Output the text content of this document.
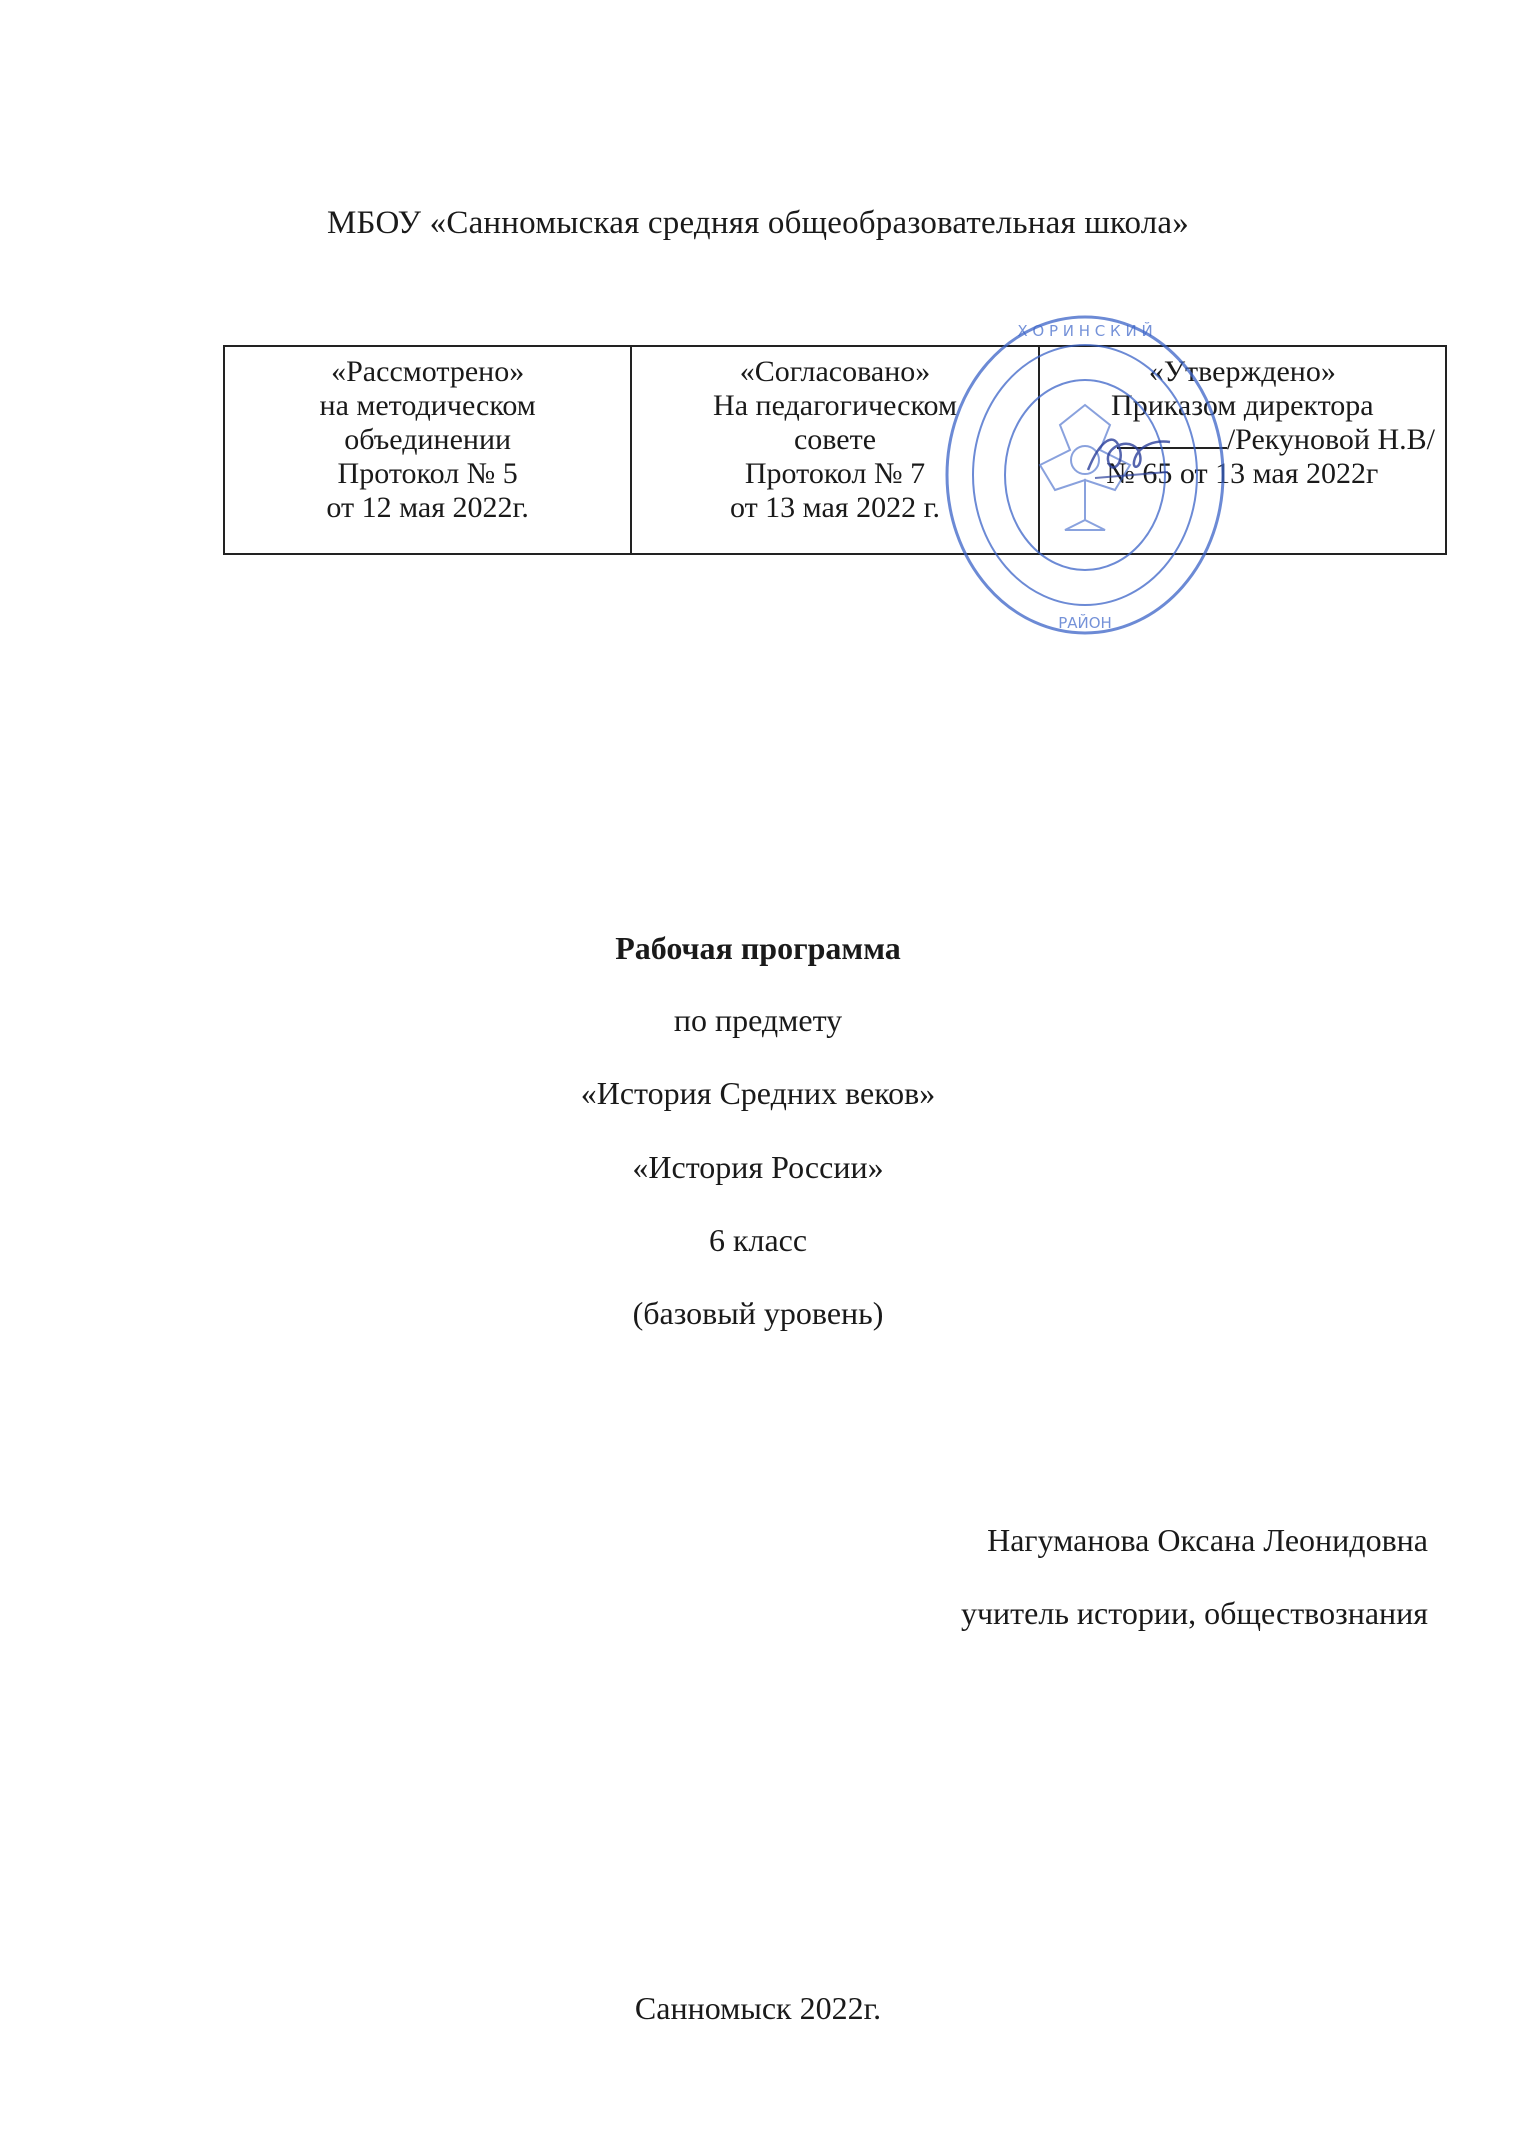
МБОУ «Санномыская средняя общеобразовательная школа»
«Рассмотрено»
на методическом
объединении
Протокол № 5
от 12 мая 2022г.

«Согласовано»
На педагогическом
совете
Протокол № 7
от 13 мая 2022 г.

«Утверждено»
Приказом директора
/Рекуновой Н.В/
№ 65 от 13 мая 2022г
Х О Р И Н С К И Й
РАЙОН
Рабочая программа
по предмету
«История Средних веков»
«История России»
6 класс
(базовый уровень)
Нагуманова Оксана Леонидовна
учитель истории, обществознания
Санномыск 2022г.
